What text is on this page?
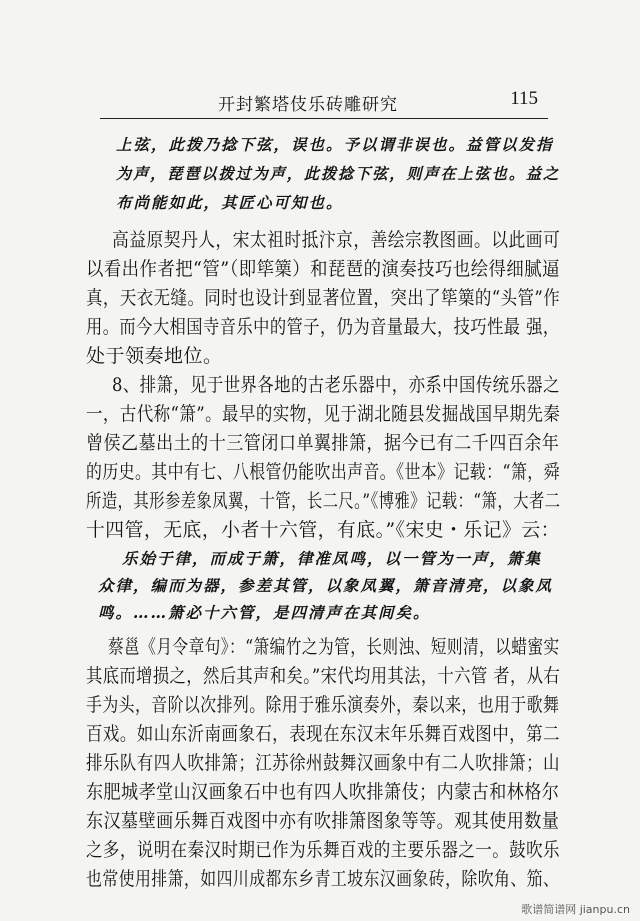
开封繁塔伎乐砖雕研究	115
上弦，此拨乃捻下弦，误也。予以谓非误也。益管以发指
为声，琵琶以拨过为声，此拨捻下弦，则声在上弦也。益之
布尚能如此，其匠心可知也。
高益原契丹人，宋太祖时抵汴京，善绘宗教图画。以此画可
以看出作者把“管”（即筚篥）和琵琶的演奏技巧也绘得细腻逼
真，天衣无缝。同时也设计到显著位置，突出了筚篥的“头管”作
用。而今大相国寺音乐中的管子，仍为音量最大，技巧性最 强，
处于领奏地位。
8、排箫，见于世界各地的古老乐器中，亦系中国传统乐器之
一，古代称“箫”。最早的实物，见于湖北随县发掘战国早期先秦
曾侯乙墓出土的十三管闭口单翼排箫，据今已有二千四百余年
的历史。其中有七、八根管仍能吹出声音。《世本》记载：“箫，舜
所造，其形参差象凤翼，十管，长二尺。”《博雅》记载：“箫，大者二
十四管，无底，小者十六管，有底。”《宋史・乐记》云：
乐始于律，而成于箫，律准凤鸣，以一管为一声，箫集
众律，编而为器，参差其管，以象凤翼，箫音清亮，以象凤
鸣。……箫必十六管，是四清声在其间矣。
蔡邕《月令章句》：“箫编竹之为管，长则浊、短则清，以蜡蜜实
其底而增损之，然后其声和矣。”宋代均用其法，十六管 者，从右
手为头，音阶以次排列。除用于雅乐演奏外，秦以来，也用于歌舞
百戏。如山东沂南画象石，表现在东汉末年乐舞百戏图中，第二
排乐队有四人吹排箫；江苏徐州鼓舞汉画象中有二人吹排箫；山
东肥城孝堂山汉画象石中也有四人吹排箫伎；内蒙古和林格尔
东汉墓壁画乐舞百戏图中亦有吹排箫图象等等。观其使用数量
之多，说明在秦汉时期已作为乐舞百戏的主要乐器之一。鼓吹乐
也常使用排箫，如四川成都东乡青工坡东汉画象砖，除吹角、笳、
歌谱简谱网 jianpu.cn
